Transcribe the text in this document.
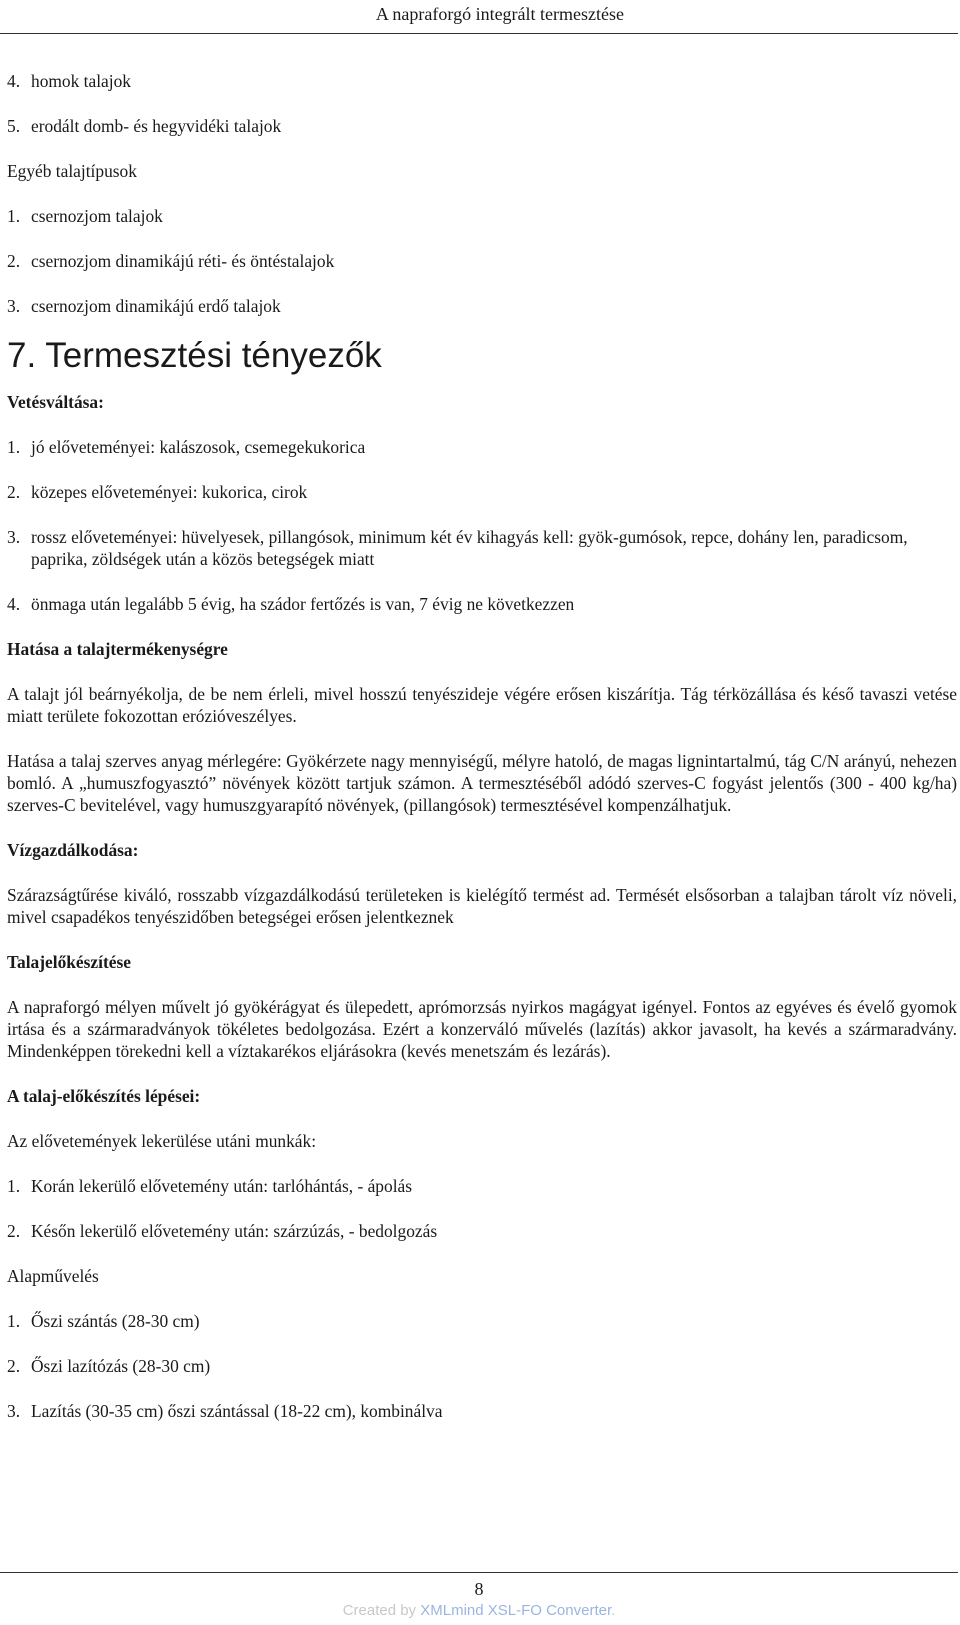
A napraforgó integrált termesztése
4. homok talajok
5. erodált domb- és hegyvidéki talajok
Egyéb talajtípusok
1. csernozjom talajok
2. csernozjom dinamikájú réti- és öntéstalajok
3. csernozjom dinamikájú erdő talajok
7. Termesztési tényezők
Vetésváltása:
1. jó előveteményei: kalászosok, csemegekukorica
2. közepes előveteményei: kukorica, cirok
3. rossz előveteményei: hüvelyesek, pillangósok, minimum két év kihagyás kell: gyök-gumósok, repce, dohány len, paradicsom, paprika, zöldségek után a közös betegségek miatt
4. önmaga után legalább 5 évig, ha szádor fertőzés is van, 7 évig ne következzen
Hatása a talajtermékenységre
A talajt jól beárnyékolja, de be nem érleli, mivel hosszú tenyészideje végére erősen kiszárítja. Tág térközállása és késő tavaszi vetése miatt területe fokozottan erózióveszélyes.
Hatása a talaj szerves anyag mérlegére: Gyökérzete nagy mennyiségű, mélyre hatoló, de magas lignintartalmú, tág C/N arányú, nehezen bomló. A „humuszfogyasztó” növények között tartjuk számon. A termesztéséből adódó szerves-C fogyást jelentős (300 - 400 kg/ha) szerves-C bevitelével, vagy humuszgyarapító növények, (pillangósok) termesztésével kompenzálhatjuk.
Vízgazdálkodása:
Szárazságtűrése kiváló, rosszabb vízgazdálkodású területeken is kielégítő termést ad. Termését elsősorban a talajban tárolt víz növeli, mivel csapadékos tenyészidőben betegségei erősen jelentkeznek
Talajelőkészítése
A napraforgó mélyen művelt jó gyökérágyat és ülepedett, aprómorzsás nyirkos magágyat igényel. Fontos az egyéves és évelő gyomok irtása és a szármaradványok tökéletes bedolgozása. Ezért a konzerváló művelés (lazítás) akkor javasolt, ha kevés a szármaradvány. Mindenképpen törekedni kell a víztakarékos eljárásokra (kevés menetszám és lezárás).
A talaj-előkészítés lépései:
Az elővetemények lekerülése utáni munkák:
1. Korán lekerülő elővetemény után: tarlóhántás, - ápolás
2. Későn lekerülő elővetemény után: szárzúzás, - bedolgozás
Alapművelés
1. Őszi szántás (28-30 cm)
2. Őszi lazítózás (28-30 cm)
3. Lazítás (30-35 cm) őszi szántással (18-22 cm), kombinálva
8
Created by XMLmind XSL-FO Converter.
